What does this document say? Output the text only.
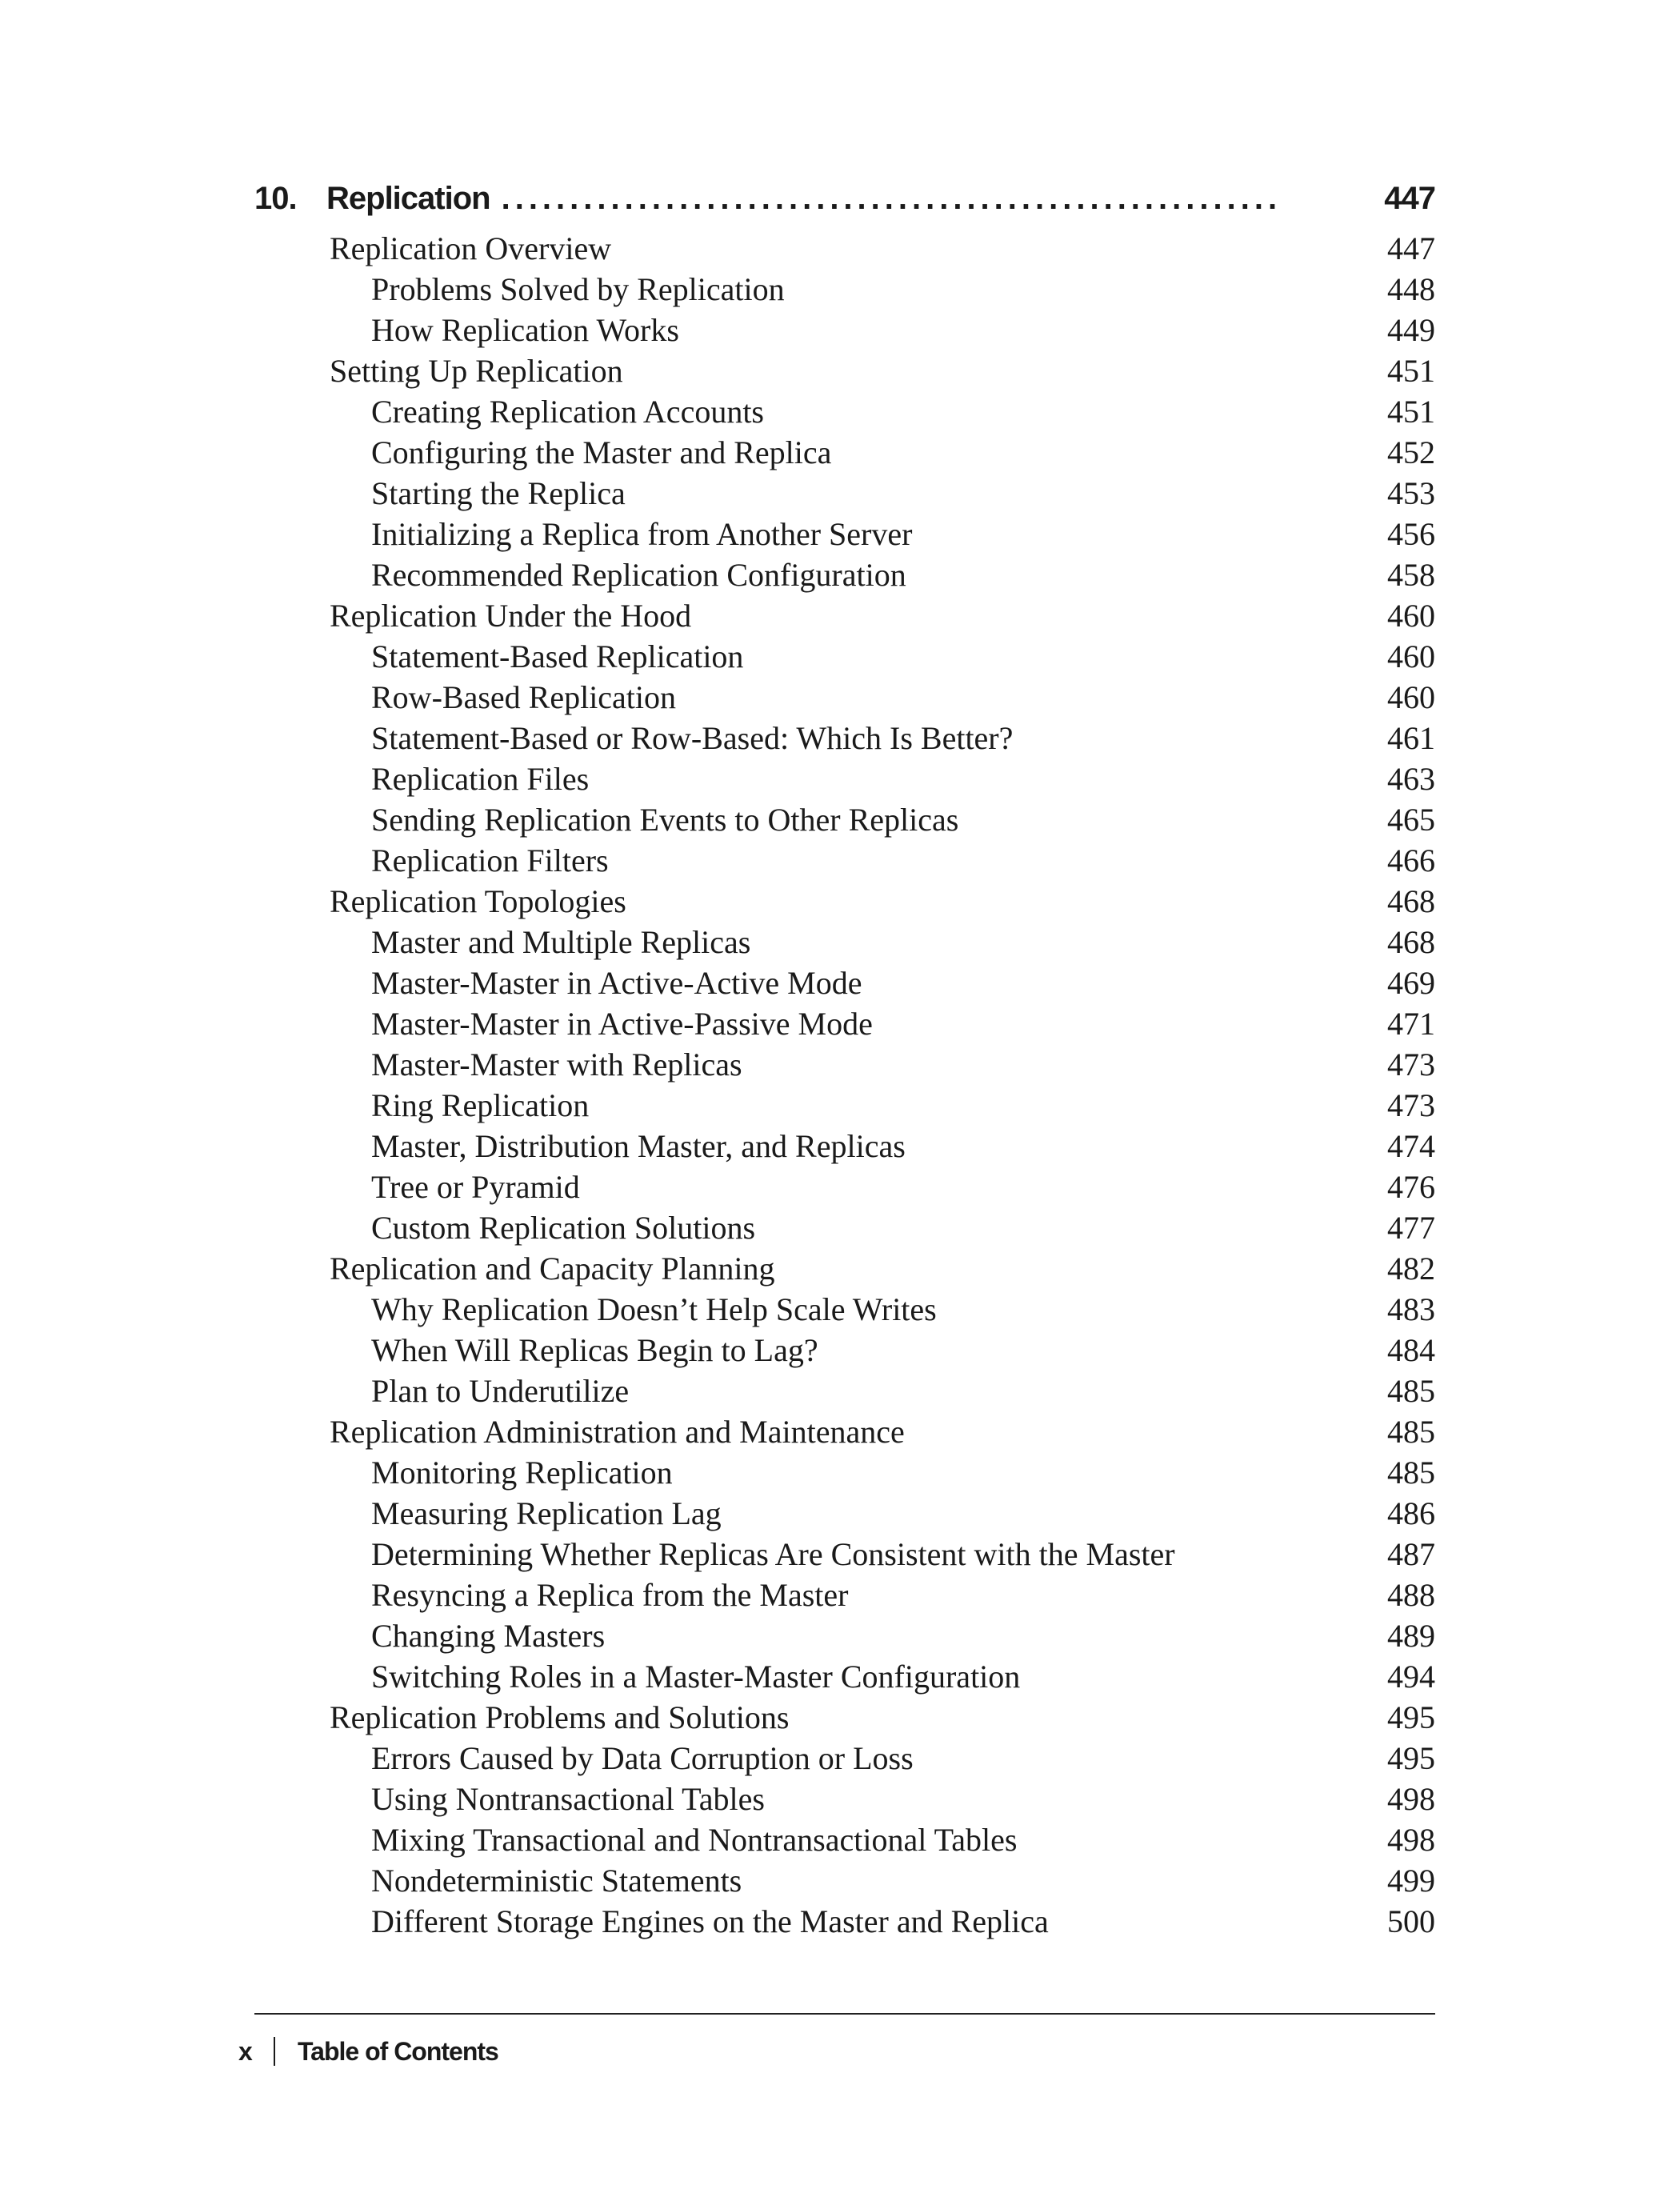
10. Replication .........................................................	447
Replication Overview	447
Problems Solved by Replication	448
How Replication Works	449
Setting Up Replication	451
Creating Replication Accounts	451
Configuring the Master and Replica	452
Starting the Replica	453
Initializing a Replica from Another Server	456
Recommended Replication Configuration	458
Replication Under the Hood	460
Statement-Based Replication	460
Row-Based Replication	460
Statement-Based or Row-Based: Which Is Better?	461
Replication Files	463
Sending Replication Events to Other Replicas	465
Replication Filters	466
Replication Topologies	468
Master and Multiple Replicas	468
Master-Master in Active-Active Mode	469
Master-Master in Active-Passive Mode	471
Master-Master with Replicas	473
Ring Replication	473
Master, Distribution Master, and Replicas	474
Tree or Pyramid	476
Custom Replication Solutions	477
Replication and Capacity Planning	482
Why Replication Doesn’t Help Scale Writes	483
When Will Replicas Begin to Lag?	484
Plan to Underutilize	485
Replication Administration and Maintenance	485
Monitoring Replication	485
Measuring Replication Lag	486
Determining Whether Replicas Are Consistent with the Master	487
Resyncing a Replica from the Master	488
Changing Masters	489
Switching Roles in a Master-Master Configuration	494
Replication Problems and Solutions	495
Errors Caused by Data Corruption or Loss	495
Using Nontransactional Tables	498
Mixing Transactional and Nontransactional Tables	498
Nondeterministic Statements	499
Different Storage Engines on the Master and Replica	500
x	Table of Contents
